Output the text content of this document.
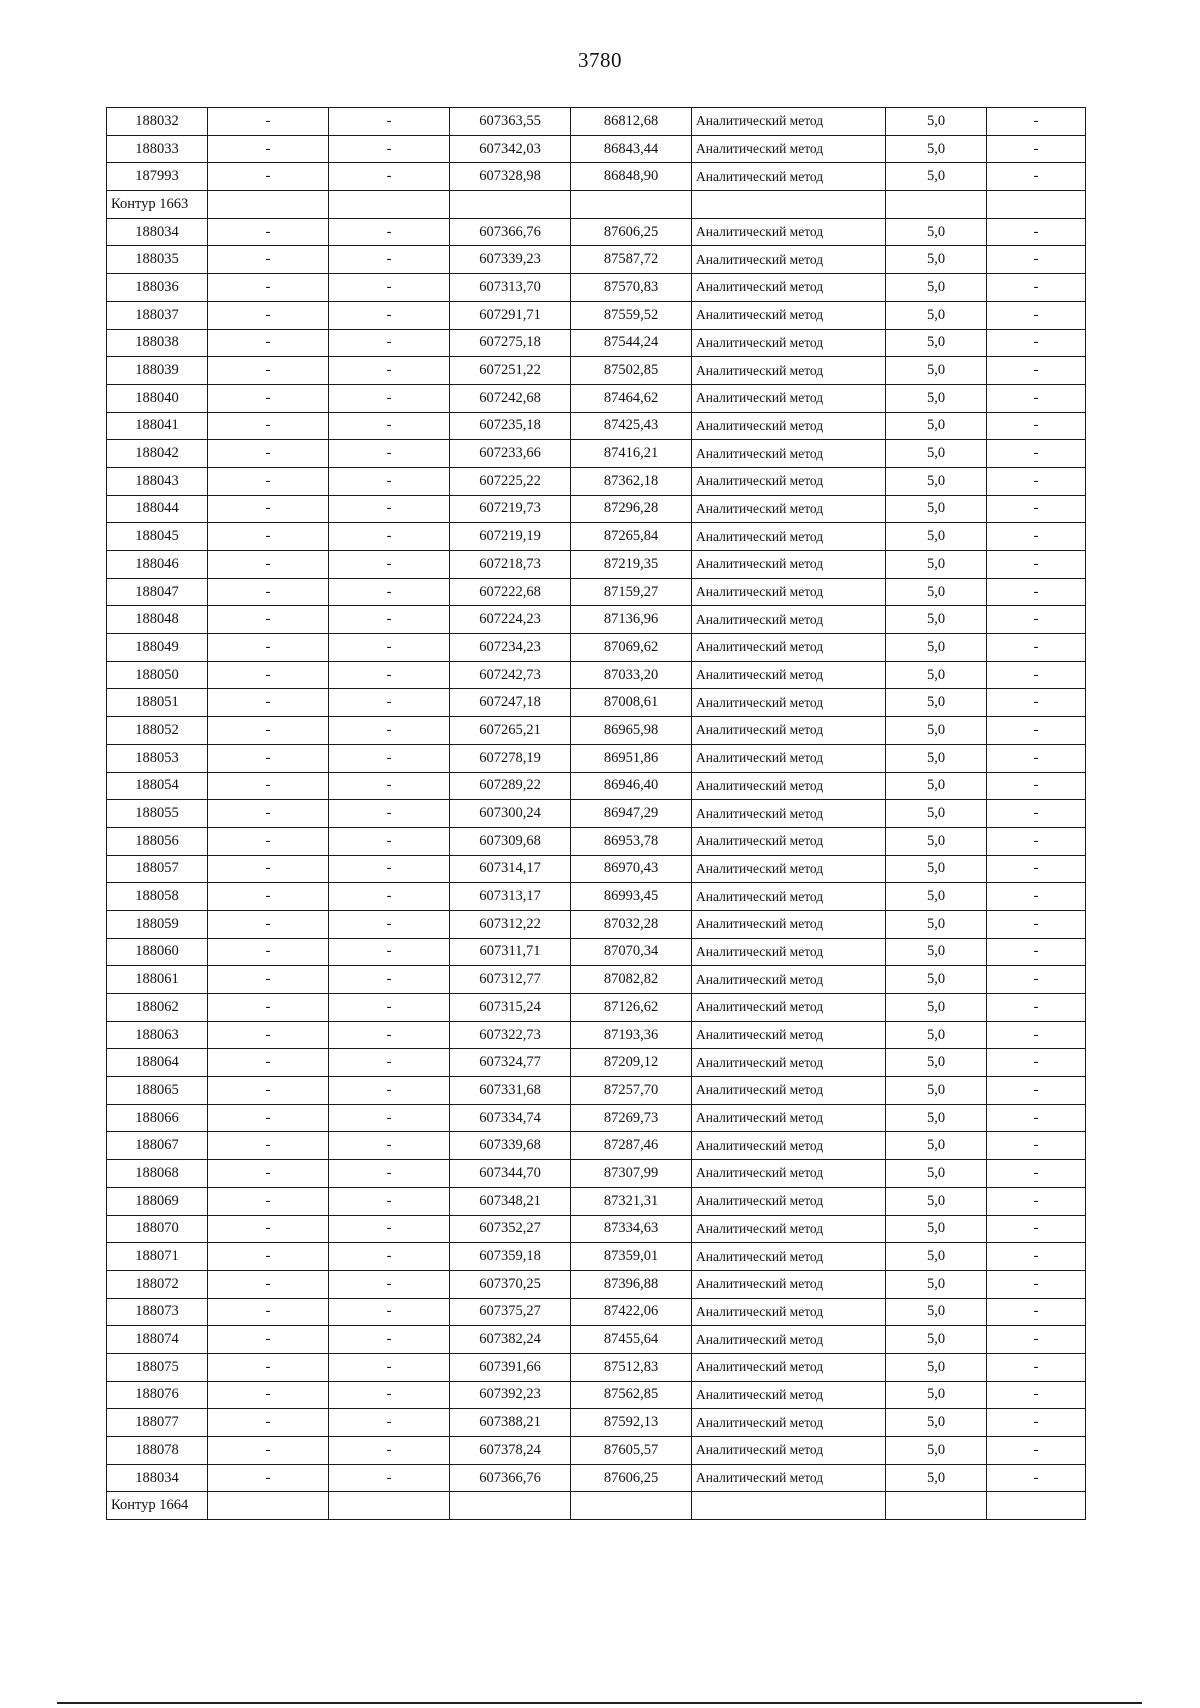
3780
188032	-	-	607363,55	86812,68	Аналитический метод	5,0	-
188033	-	-	607342,03	86843,44	Аналитический метод	5,0	-
187993	-	-	607328,98	86848,90	Аналитический метод	5,0	-
Контур 1663							
188034	-	-	607366,76	87606,25	Аналитический метод	5,0	-
188035	-	-	607339,23	87587,72	Аналитический метод	5,0	-
188036	-	-	607313,70	87570,83	Аналитический метод	5,0	-
188037	-	-	607291,71	87559,52	Аналитический метод	5,0	-
188038	-	-	607275,18	87544,24	Аналитический метод	5,0	-
188039	-	-	607251,22	87502,85	Аналитический метод	5,0	-
188040	-	-	607242,68	87464,62	Аналитический метод	5,0	-
188041	-	-	607235,18	87425,43	Аналитический метод	5,0	-
188042	-	-	607233,66	87416,21	Аналитический метод	5,0	-
188043	-	-	607225,22	87362,18	Аналитический метод	5,0	-
188044	-	-	607219,73	87296,28	Аналитический метод	5,0	-
188045	-	-	607219,19	87265,84	Аналитический метод	5,0	-
188046	-	-	607218,73	87219,35	Аналитический метод	5,0	-
188047	-	-	607222,68	87159,27	Аналитический метод	5,0	-
188048	-	-	607224,23	87136,96	Аналитический метод	5,0	-
188049	-	-	607234,23	87069,62	Аналитический метод	5,0	-
188050	-	-	607242,73	87033,20	Аналитический метод	5,0	-
188051	-	-	607247,18	87008,61	Аналитический метод	5,0	-
188052	-	-	607265,21	86965,98	Аналитический метод	5,0	-
188053	-	-	607278,19	86951,86	Аналитический метод	5,0	-
188054	-	-	607289,22	86946,40	Аналитический метод	5,0	-
188055	-	-	607300,24	86947,29	Аналитический метод	5,0	-
188056	-	-	607309,68	86953,78	Аналитический метод	5,0	-
188057	-	-	607314,17	86970,43	Аналитический метод	5,0	-
188058	-	-	607313,17	86993,45	Аналитический метод	5,0	-
188059	-	-	607312,22	87032,28	Аналитический метод	5,0	-
188060	-	-	607311,71	87070,34	Аналитический метод	5,0	-
188061	-	-	607312,77	87082,82	Аналитический метод	5,0	-
188062	-	-	607315,24	87126,62	Аналитический метод	5,0	-
188063	-	-	607322,73	87193,36	Аналитический метод	5,0	-
188064	-	-	607324,77	87209,12	Аналитический метод	5,0	-
188065	-	-	607331,68	87257,70	Аналитический метод	5,0	-
188066	-	-	607334,74	87269,73	Аналитический метод	5,0	-
188067	-	-	607339,68	87287,46	Аналитический метод	5,0	-
188068	-	-	607344,70	87307,99	Аналитический метод	5,0	-
188069	-	-	607348,21	87321,31	Аналитический метод	5,0	-
188070	-	-	607352,27	87334,63	Аналитический метод	5,0	-
188071	-	-	607359,18	87359,01	Аналитический метод	5,0	-
188072	-	-	607370,25	87396,88	Аналитический метод	5,0	-
188073	-	-	607375,27	87422,06	Аналитический метод	5,0	-
188074	-	-	607382,24	87455,64	Аналитический метод	5,0	-
188075	-	-	607391,66	87512,83	Аналитический метод	5,0	-
188076	-	-	607392,23	87562,85	Аналитический метод	5,0	-
188077	-	-	607388,21	87592,13	Аналитический метод	5,0	-
188078	-	-	607378,24	87605,57	Аналитический метод	5,0	-
188034	-	-	607366,76	87606,25	Аналитический метод	5,0	-
Контур 1664							
